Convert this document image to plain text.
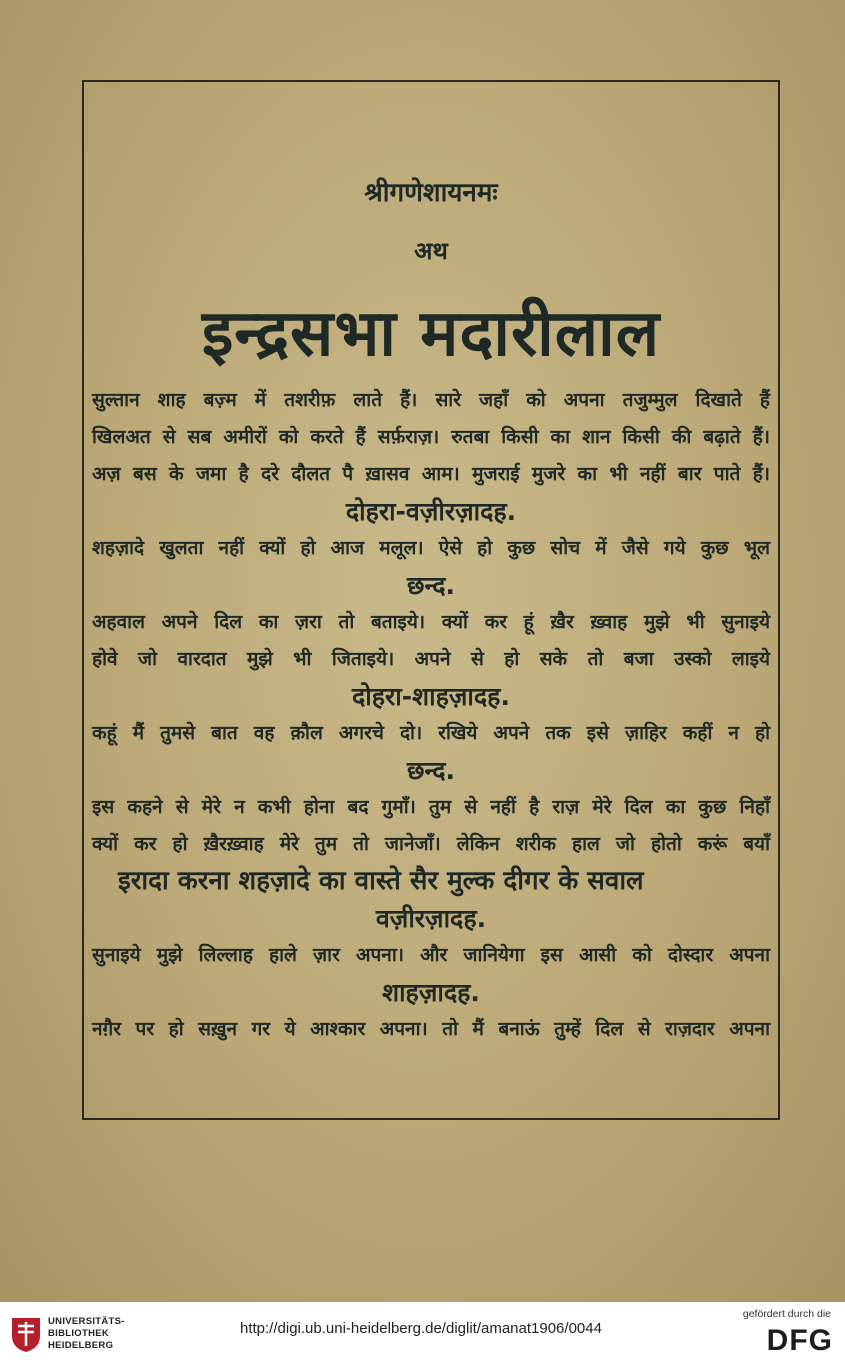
श्रीगणेशायनमः
अथ
इन्द्रसभा मदारीलाल
सुल्तान शाह बज़्म में तशरीफ़ लाते हैं। सारे जहाँ को अपना तजुम्मुल दिखाते हैं
खिलअत से सब अमीरों को करते हैं सर्फ़राज़। रुतबा किसी का शान किसी की बढ़ाते हैं।
अज़ बस के जमा है दरे दौलत पै ख़ासव आम। मुजराई मुजरे का भी नहीं बार पाते हैं।
दोहरा-वज़ीरज़ादह.
शहज़ादे खुलता नहीं क्यों हो आज मलूल। ऐसे हो कुछ सोच में जैसे गये कुछ भूल
छन्द.
अहवाल अपने दिल का ज़रा तो बताइये। क्यों कर हूं ख़ैर ख़्वाह मुझे भी सुनाइये
होवे जो वारदात मुझे भी जिताइये। अपने से हो सके तो बजा उस्को लाइये
दोहरा-शाहज़ादह.
कहूं मैं तुमसे बात वह क़ौल अगरचे दो। रखिये अपने तक इसे ज़ाहिर कहीं न हो
छन्द.
इस कहने से मेरे न कभी होना बद गुमाँ। तुम से नहीं है राज़ मेरे दिल का कुछ निहाँ
क्यों कर हो ख़ैरख़्वाह मेरे तुम तो जानेजाँ। लेकिन शरीक हाल जो होतो करूं बयाँ
इरादा करना शहज़ादे का वास्ते सैर मुल्क दीगर के सवाल
वज़ीरज़ादह.
सुनाइये मुझे लिल्लाह हाले ज़ार अपना। और जानियेगा इस आसी को दोस्दार अपना
शाहज़ादह.
नग़ैर पर हो सख़ुन गर ये आश्कार अपना। तो मैं बनाऊं तुम्हें दिल से राज़दार अपना
UNIVERSITÄTS-
BIBLIOTHEK
HEIDELBERG
http://digi.ub.uni-heidelberg.de/diglit/amanat1906/0044
gefördert durch die
DFG
